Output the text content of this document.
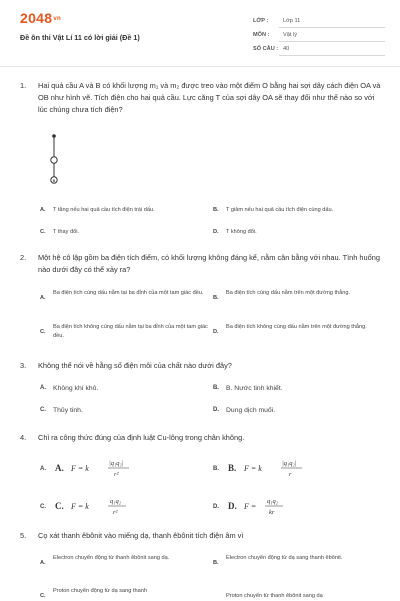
2048vn
Đề ôn thi Vật Lí 11 có lời giải (Đề 1)
LỚP :	Lớp 11
MÔN : Vật lý
SỐ CÂU : 40
1. Hai quả cầu A và B có khối lượng m₁ và m₂ được treo vào một điểm O bằng hai sợi dây cách điện OA và OB như hình vẽ. Tích điện cho hai quả cầu. Lực căng T của sợi dây OA sẽ thay đổi như thế nào so với lúc chúng chưa tích điện?
B
A. T tăng nếu hai quả cầu tích điện trái dấu.	B. T giảm nếu hai quả cầu tích điện cùng dấu.
C. T thay đổi.	D. T không đổi.
2. Một hệ cô lập gồm ba điện tích điểm, có khối lượng không đáng kể, nằm cân bằng với nhau. Tình huống nào dưới đây có thể xảy ra?
A.
Ba điện tích cùng dấu nằm tại ba đỉnh của một tam giác đều.
B.
Ba điện tích cùng dấu nằm trên một đường thẳng.
C.
Ba điện tích không cùng dấu nằm tại ba đỉnh của một tam giác đều.
D.
Ba điện tích không cùng dấu nằm trên một đường thẳng.
3. Không thể nói về hằng số điện môi của chất nào dưới đây?
A. Không khí khô.	B. B. Nước tinh khiết.
C. Thủy tinh.	D. Dung dịch muối.
4. Chỉ ra công thức đúng của định luật Cu-lông trong chân không.
A. A. F = k
|q₁q₂|
r²
B. B. F = k
|q₁q₂|
r
C. C. F = k
q₁q₂
r²
D. D. F =
q₁q₂
kr
5. Cọ xát thanh êbônit vào miếng dạ, thanh êbônit tích điện âm vì
A.
Electron chuyển động từ thanh êbônit sang dạ.
B.
Electron chuyển động từ dạ sang thanh êbônit.
C.
Proton chuyển động từ dạ sang thanh
Proton chuyển từ thanh êbônit sang dạ
